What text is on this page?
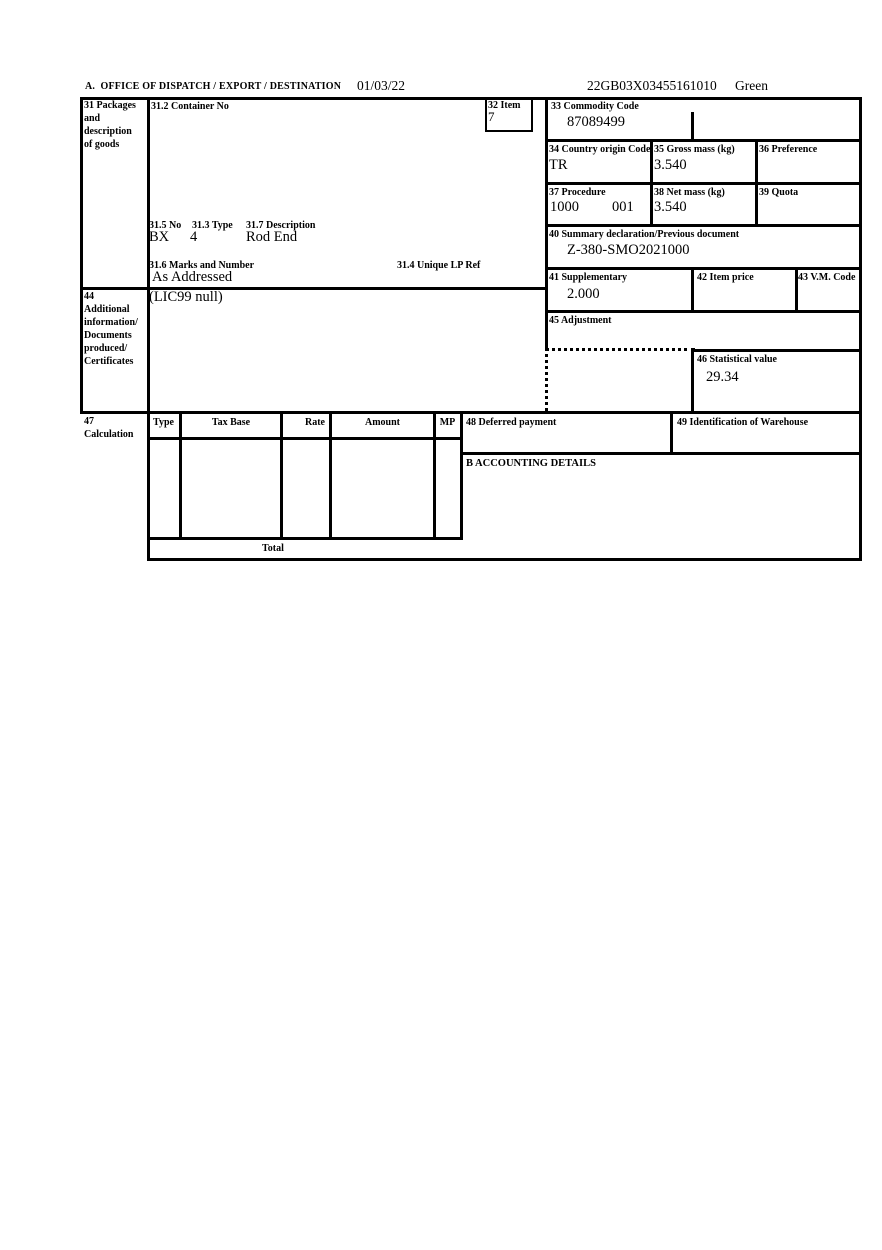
A.  OFFICE OF DISPATCH / EXPORT / DESTINATION 01/03/22	22GB03X03455161010 Green
31 Packages
and
description
of goods
31.2 Container No	32 Item
7
33 Commodity Code
87089499
34 Country origin Code
TR
35 Gross mass (kg)
3.540
36 Preference
37 Procedure
1000 001
38 Net mass (kg)
3.540
39 Quota
31.5 No 31.3 Type 31.7 Description
BX 4	Rod End
31.6 Marks and Number	31.4 Unique LP Ref
As Addressed
40 Summary declaration/Previous document
Z-380-SMO2021000
41 Supplementary
2.000
42 Item price	43 V.M. Code
44
Additional
information/
Documents
produced/
Certificates
(LIC99 null)
45 Adjustment
46 Statistical value
29.34
47
Calculation
Type	Tax Base	Rate	Amount	MP
Total
48 Deferred payment	49 Identification of Warehouse
B ACCOUNTING DETAILS
